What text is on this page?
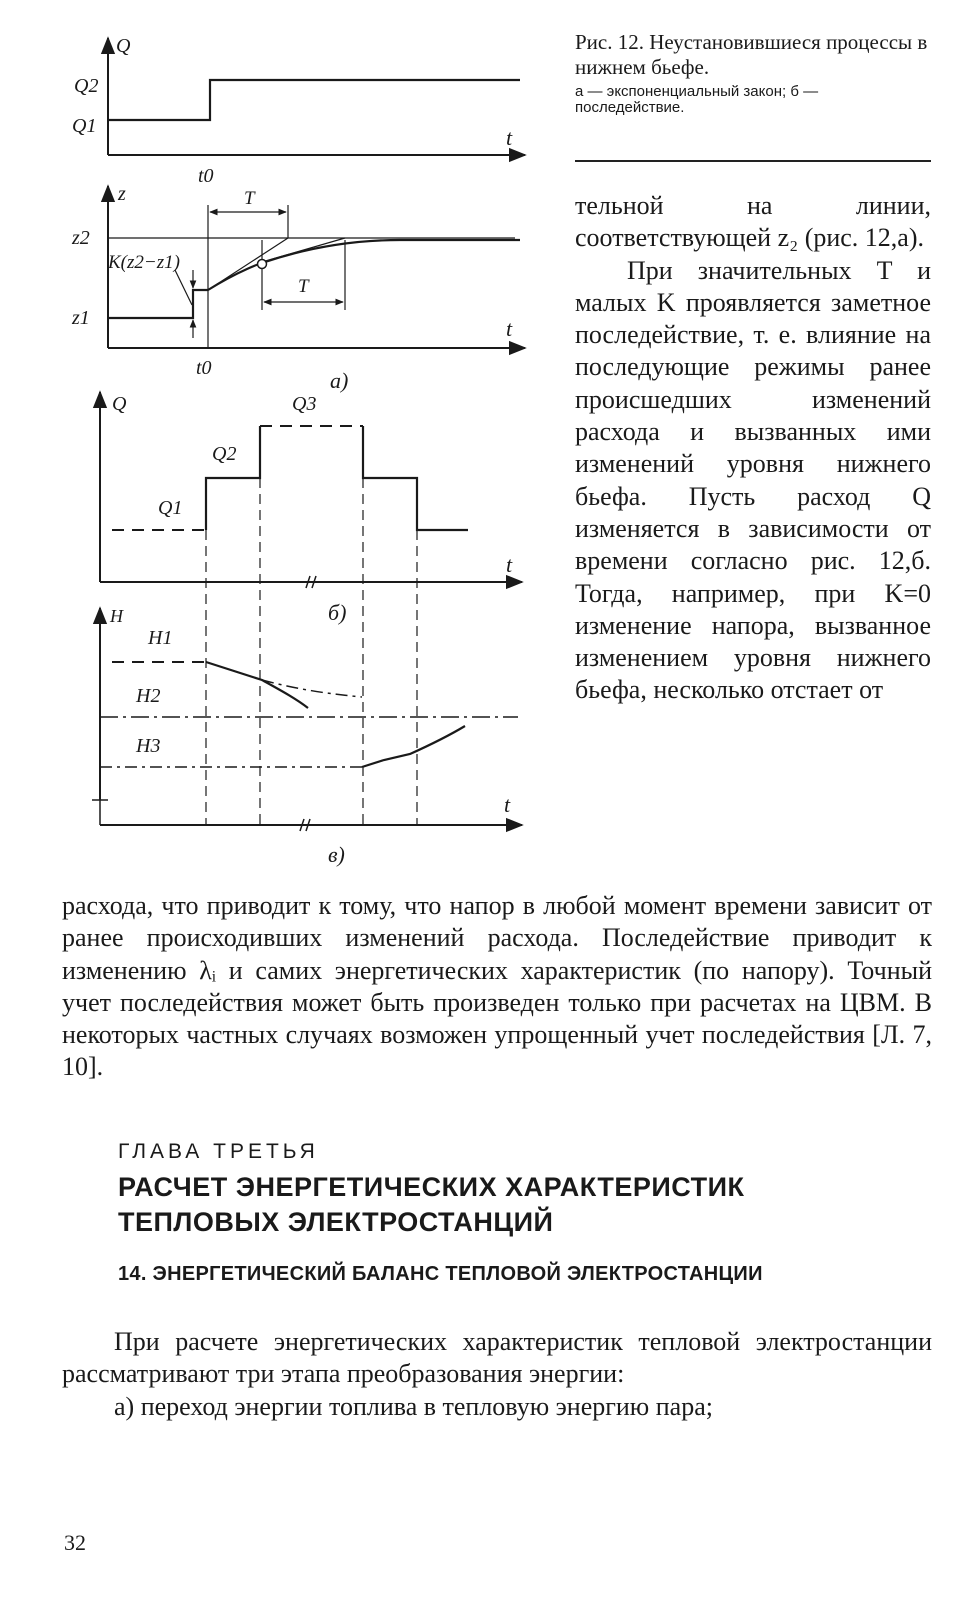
Q
Q2
Q1	t
t0
z
z2
z1
T
T
K(z2−z1)
t
t0	а)
Q
Q1
Q2
Q3
t
б)
H
H1
H2
H3
t
в)
Рис. 12. Неустановившиеся процессы в нижнем бьефе.
а — экспоненциальный закон; б — последействие.

тельной на линии, соответствующей z₂ (рис. 12,а).

При значительных T и малых K проявляется заметное последействие, т. е. влияние на последующие режимы ранее происшедших изменений расхода и вызванных ими изменений уровня нижнего бьефа. Пусть расход Q изменяется в зависимости от времени согласно рис. 12,б. Тогда, например, при K=0 изменение напора, вызванное изменением уровня нижнего бьефа, несколько отстает от

расхода, что приводит к тому, что напор в любой момент времени зависит от ранее происходивших изменений расхода. Последействие приводит к изменению λᵢ и самих энергетических характеристик (по напору). Точный учет последействия может быть произведен только при расчетах на ЦВМ. В некоторых частных случаях возможен упрощенный учет последействия [Л. 7, 10].

ГЛАВА ТРЕТЬЯ
РАСЧЕТ ЭНЕРГЕТИЧЕСКИХ ХАРАКТЕРИСТИК ТЕПЛОВЫХ ЭЛЕКТРОСТАНЦИЙ
14. ЭНЕРГЕТИЧЕСКИЙ БАЛАНС ТЕПЛОВОЙ ЭЛЕКТРОСТАНЦИИ

При расчете энергетических характеристик тепловой электростанции рассматривают три этапа преобразования энергии:

а) переход энергии топлива в тепловую энергию пара;

32
